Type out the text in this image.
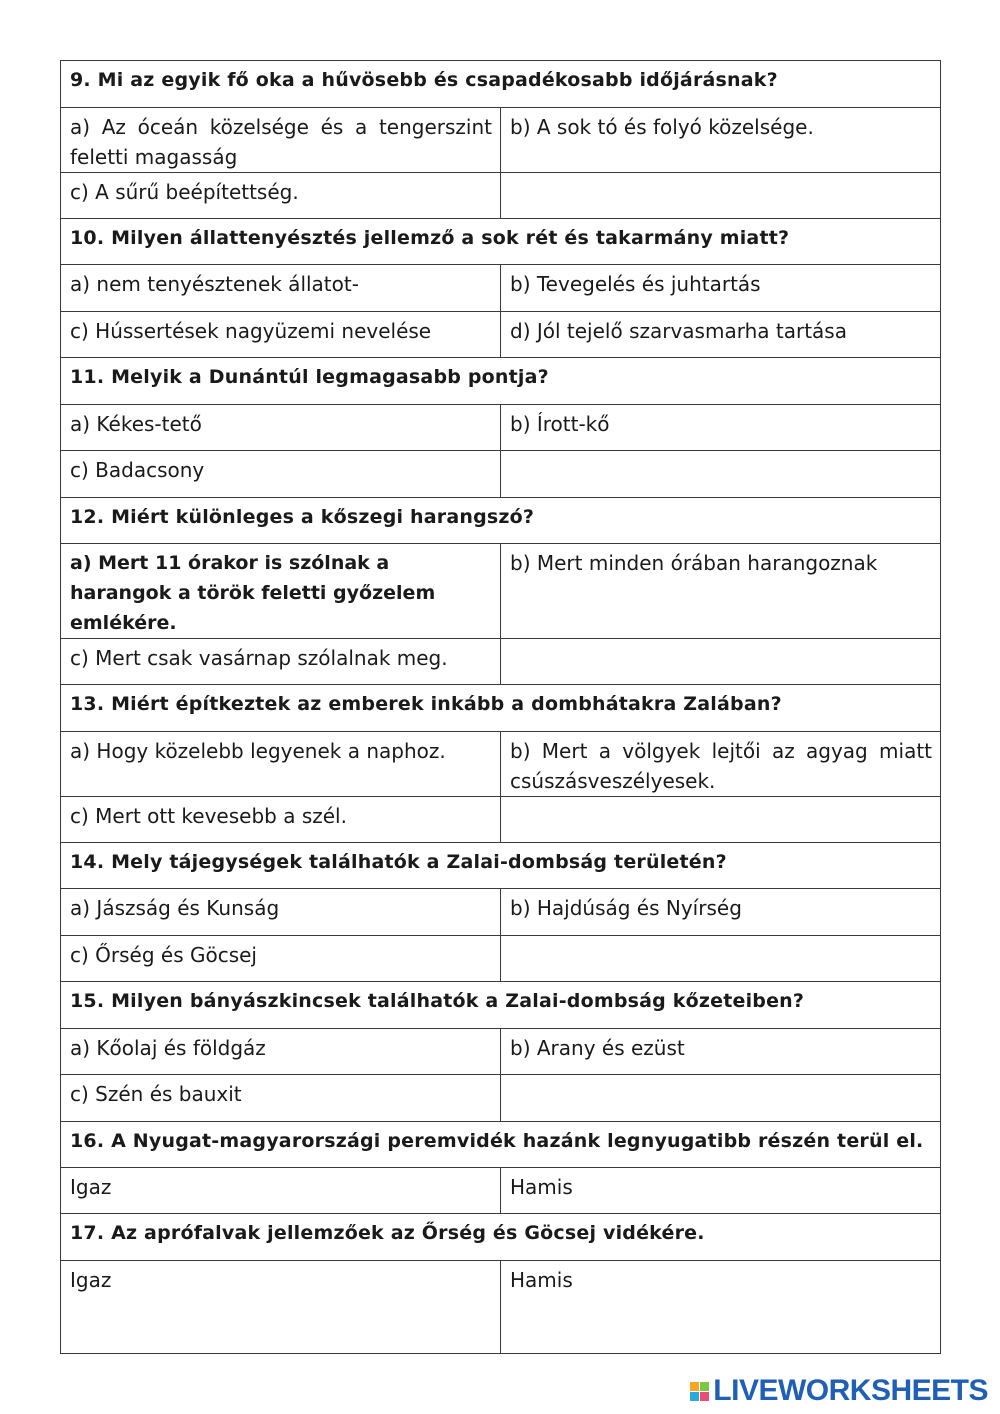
9. Mi az egyik fő oka a hűvösebb és csapadékosabb időjárásnak?	
a) Az óceán közelsége és a tengerszint feletti magasság	b) A sok tó és folyó közelsége.
c) A sűrű beépítettség.	
10. Milyen állattenyésztés jellemző a sok rét és takarmány miatt?	
a) nem tenyésztenek állatot-	b) Tevegelés és juhtartás
c) Hússertések nagyüzemi nevelése	d) Jól tejelő szarvasmarha tartása
11. Melyik a Dunántúl legmagasabb pontja?	
a) Kékes-tető	b) Írott-kő
c) Badacsony	
12. Miért különleges a kőszegi harangszó?	
a) Mert 11 órakor is szólnak a harangok a török feletti győzelem emlékére.	b) Mert minden órában harangoznak
c) Mert csak vasárnap szólalnak meg.	
13. Miért építkeztek az emberek inkább a dombhátakra Zalában?	
a) Hogy közelebb legyenek a naphoz.	b) Mert a völgyek lejtői az agyag miatt csúszásveszélyesek.
c) Mert ott kevesebb a szél.	
14. Mely tájegységek találhatók a Zalai-dombság területén?	
a) Jászság és Kunság	b) Hajdúság és Nyírség
c) Őrség és Göcsej	
15. Milyen bányászkincsek találhatók a Zalai-dombság kőzeteiben?	
a) Kőolaj és földgáz	b) Arany és ezüst
c) Szén és bauxit	
16. A Nyugat-magyarországi peremvidék hazánk legnyugatibb részén terül el.	
Igaz	Hamis
17. Az aprófalvak jellemzőek az Őrség és Göcsej vidékére.	
Igaz	Hamis
LIVEWORKSHEETS
